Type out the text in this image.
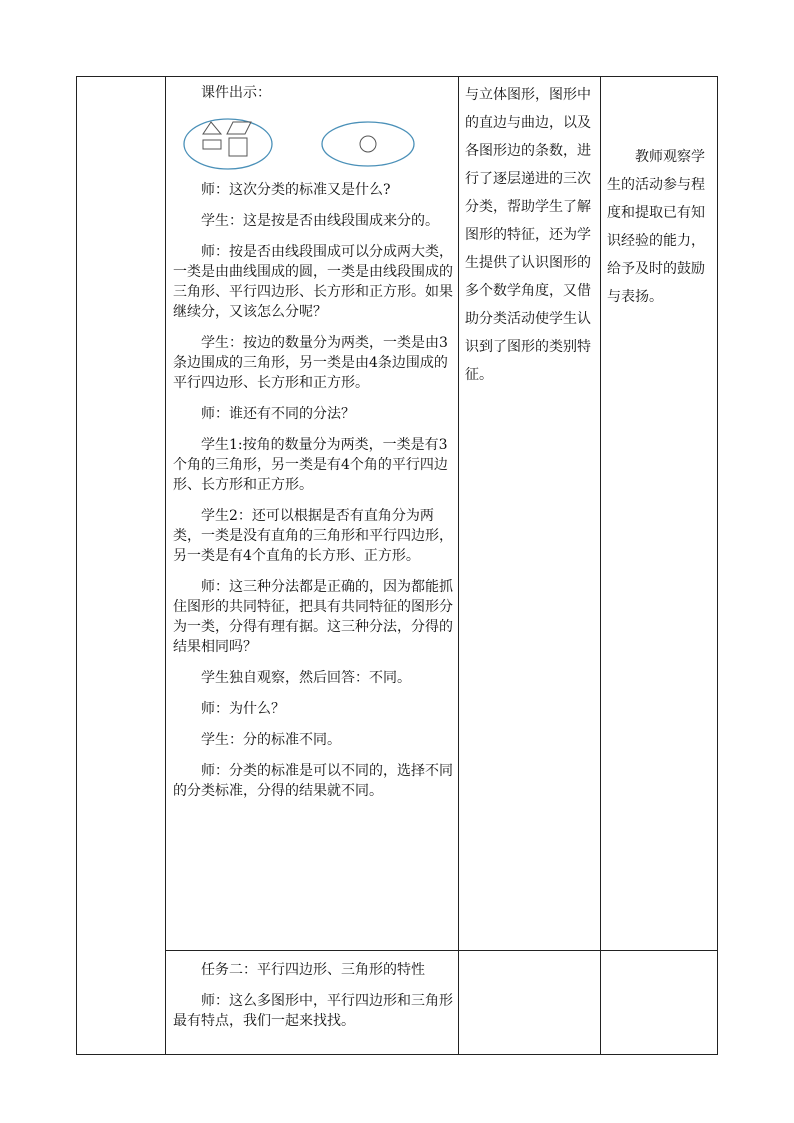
课件出示：

师：这次分类的标准又是什么?

学生：这是按是否由线段围成来分的。

师：按是否由线段围成可以分成两大类，一类是由曲线围成的圆，一类是由线段围成的三角形、平行四边形、长方形和正方形。如果继续分，又该怎么分呢？

学生：按边的数量分为两类，一类是由3条边围成的三角形，另一类是由4条边围成的平行四边形、长方形和正方形。

师：谁还有不同的分法？

学生1:按角的数量分为两类，一类是有3个角的三角形，另一类是有4个角的平行四边形、长方形和正方形。

学生2：还可以根据是否有直角分为两类，一类是没有直角的三角形和平行四边形，另一类是有4个直角的长方形、正方形。

师：这三种分法都是正确的，因为都能抓住图形的共同特征，把具有共同特征的图形分为一类，分得有理有据。这三种分法，分得的结果相同吗？

学生独自观察，然后回答：不同。

师：为什么？

学生：分的标准不同。

师：分类的标准是可以不同的，选择不同的分类标准，分得的结果就不同。

与立体图形，图形中的直边与曲边，以及各图形边的条数，进行了逐层递进的三次分类，帮助学生了解图形的特征，还为学生提供了认识图形的多个数学角度，又借助分类活动使学生认识到了图形的类别特征。
教师观察学生的活动参与程度和提取已有知识经验的能力，给予及时的鼓励与表扬。

任务二：平行四边形、三角形的特性

师：这么多图形中，平行四边形和三角形最有特点，我们一起来找找。
